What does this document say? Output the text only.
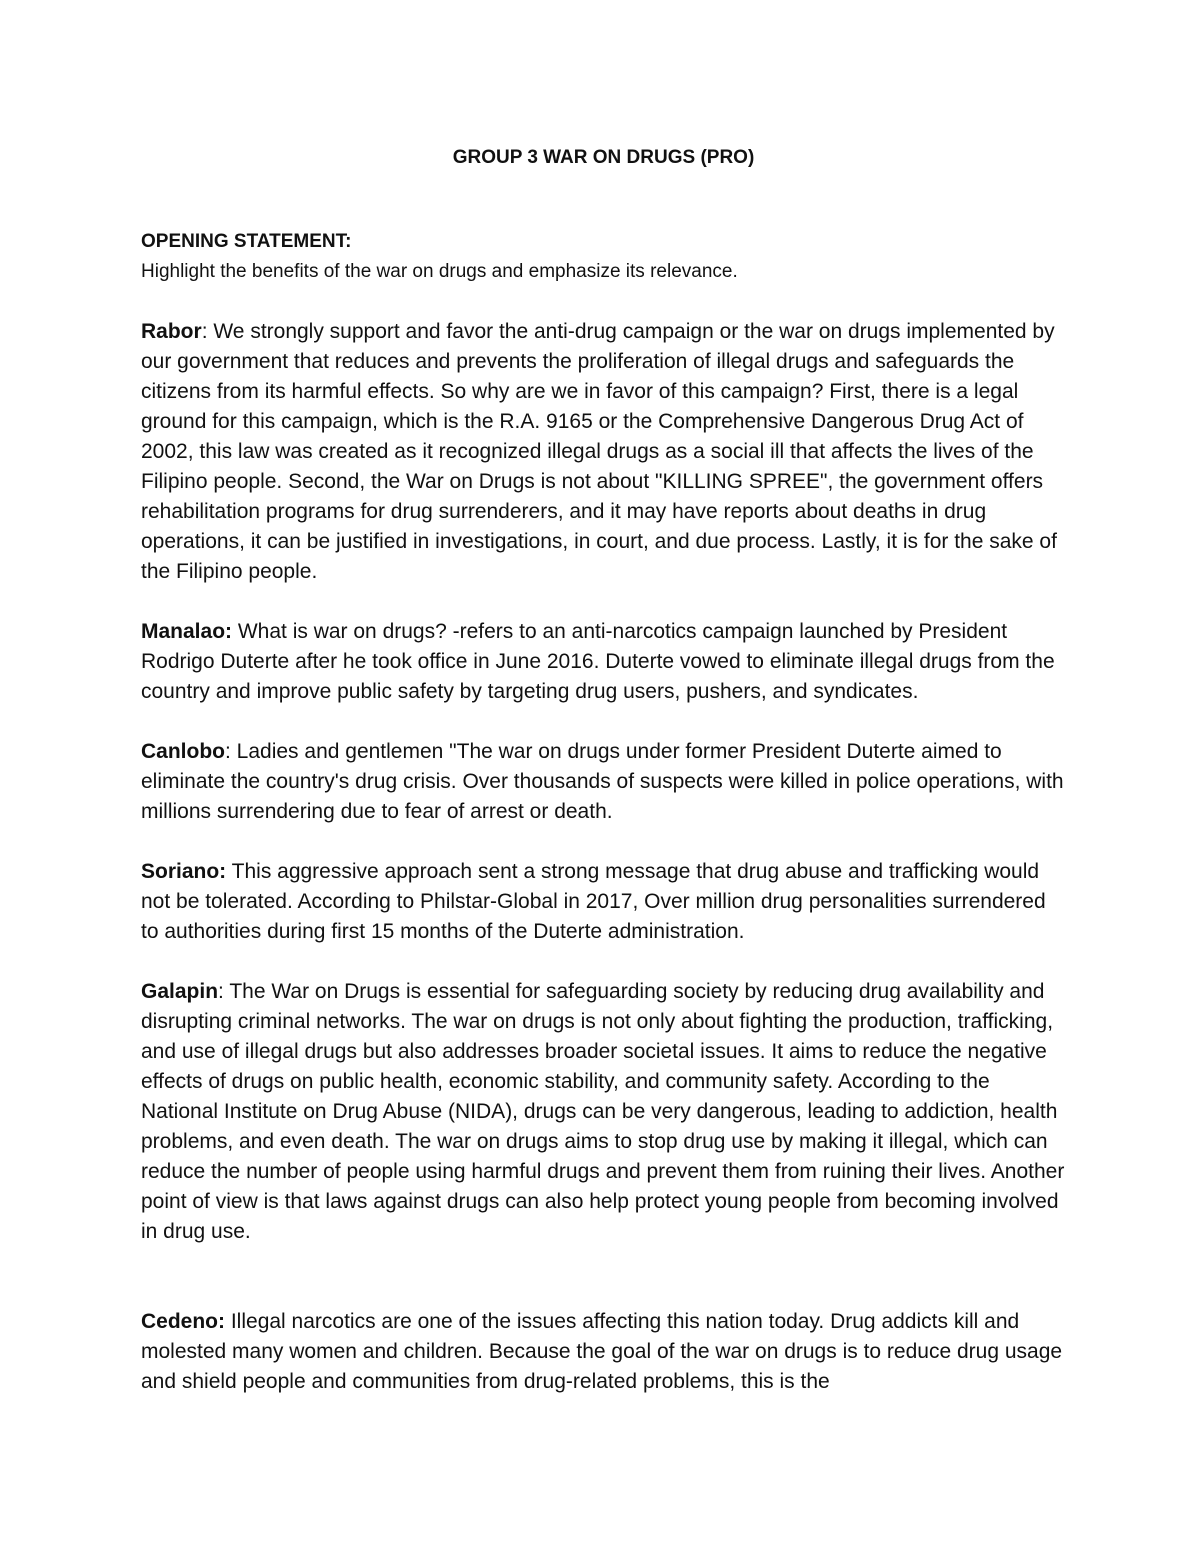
GROUP 3 WAR ON DRUGS (PRO)

OPENING STATEMENT:

Highlight the benefits of the war on drugs and emphasize its relevance.

Rabor: We strongly support and favor the anti-drug campaign or the war on drugs implemented by our government that reduces and prevents the proliferation of illegal drugs and safeguards the citizens from its harmful effects. So why are we in favor of this campaign? First, there is a legal ground for this campaign, which is the R.A. 9165 or the Comprehensive Dangerous Drug Act of 2002, this law was created as it recognized illegal drugs as a social ill that affects the lives of the Filipino people. Second, the War on Drugs is not about "KILLING SPREE", the government offers rehabilitation programs for drug surrenderers, and it may have reports about deaths in drug operations, it can be justified in investigations, in court, and due process. Lastly, it is for the sake of the Filipino people.

Manalao: What is war on drugs? -refers to an anti-narcotics campaign launched by President Rodrigo Duterte after he took office in June 2016. Duterte vowed to eliminate illegal drugs from the country and improve public safety by targeting drug users, pushers, and syndicates.

Canlobo: Ladies and gentlemen "The war on drugs under former President Duterte aimed to eliminate the country's drug crisis. Over thousands of suspects were killed in police operations, with millions surrendering due to fear of arrest or death.

Soriano: This aggressive approach sent a strong message that drug abuse and trafficking would not be tolerated. According to Philstar-Global in 2017, Over million drug personalities surrendered to authorities during first 15 months of the Duterte administration.

Galapin: The War on Drugs is essential for safeguarding society by reducing drug availability and disrupting criminal networks. The war on drugs is not only about fighting the production, trafficking, and use of illegal drugs but also addresses broader societal issues. It aims to reduce the negative effects of drugs on public health, economic stability, and community safety. According to the National Institute on Drug Abuse (NIDA), drugs can be very dangerous, leading to addiction, health problems, and even death. The war on drugs aims to stop drug use by making it illegal, which can reduce the number of people using harmful drugs and prevent them from ruining their lives. Another point of view is that laws against drugs can also help protect young people from becoming involved in drug use.

Cedeno: Illegal narcotics are one of the issues affecting this nation today. Drug addicts kill and molested many women and children. Because the goal of the war on drugs is to reduce drug usage and shield people and communities from drug-related problems, this is the
